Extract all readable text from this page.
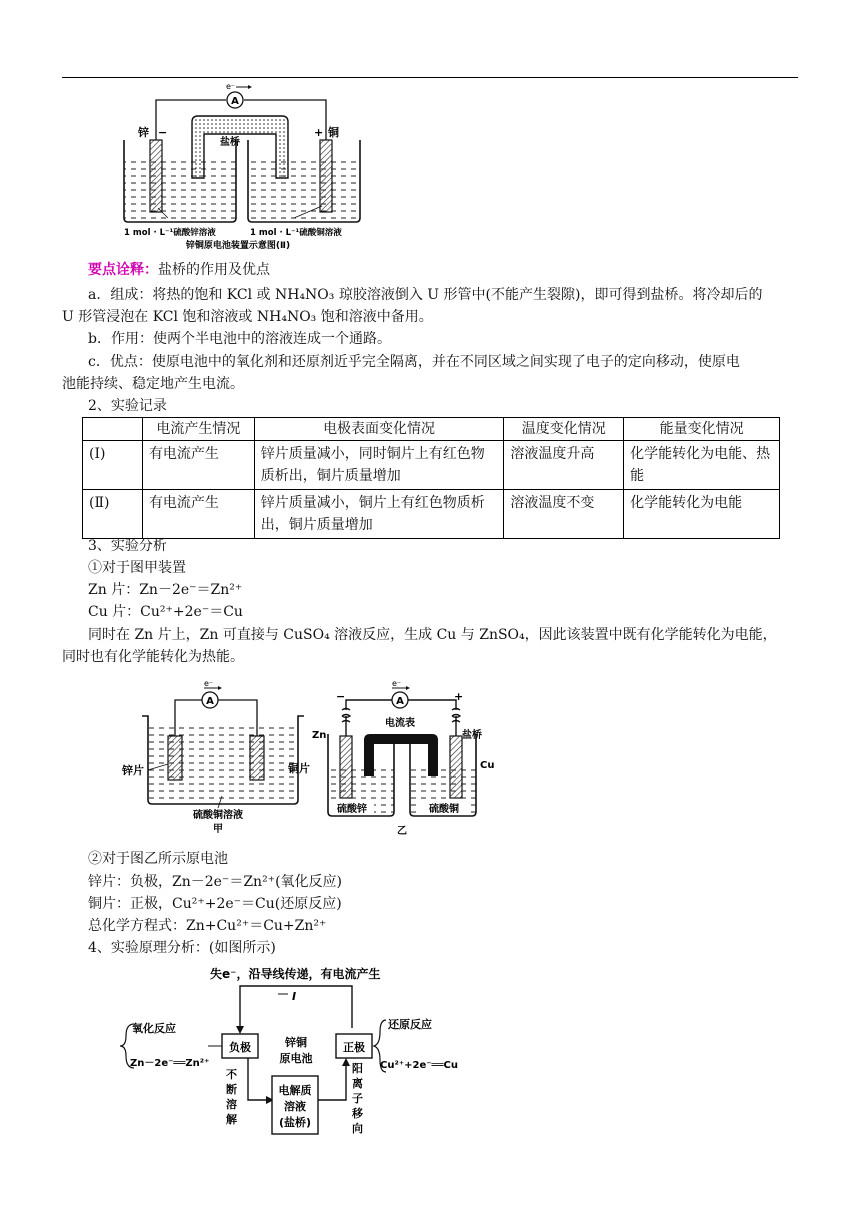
A
e⁻
锌 −	+ 铜
盐桥
1 mol · L⁻¹硫酸锌溶液	1 mol · L⁻¹硫酸铜溶液
锌铜原电池装置示意图(Ⅱ)
要点诠释：盐桥的作用及优点
a．组成：将热的饱和 KCl 或 NH₄NO₃ 琼胶溶液倒入 U 形管中(不能产生裂隙)，即可得到盐桥。将冷却后的
U 形管浸泡在 KCl 饱和溶液或 NH₄NO₃ 饱和溶液中备用。
b．作用：使两个半电池中的溶液连成一个通路。
c．优点：使原电池中的氧化剂和还原剂近乎完全隔离，并在不同区域之间实现了电子的定向移动，使原电
池能持续、稳定地产生电流。
2、实验记录
	电流产生情况	电极表面变化情况	温度变化情况	能量变化情况
(Ⅰ)	有电流产生	锌片质量减小，同时铜片上有红色物质析出，铜片质量增加	溶液温度升高	化学能转化为电能、热能
(Ⅱ)	有电流产生	锌片质量减小，铜片上有红色物质析出，铜片质量增加	溶液温度不变	化学能转化为电能
3、实验分析
①对于图甲装置
Zn 片：Zn－2e⁻＝Zn²⁺
Cu 片：Cu²⁺+2e⁻＝Cu
同时在 Zn 片上，Zn 可直接与 CuSO₄ 溶液反应，生成 Cu 与 ZnSO₄，因此该装置中既有化学能转化为电能，
同时也有化学能转化为热能。
A
e⁻
锌片	铜片
硫酸铜溶液
甲
A
e⁻
电流表
−	+
Zn
Cu
盐桥
硫酸锌	硫酸铜
乙
②对于图乙所示原电池
锌片：负极，Zn－2e⁻＝Zn²⁺(氧化反应)
铜片：正极，Cu²⁺+2e⁻＝Cu(还原反应)
总化学方程式：Zn+Cu²⁺＝Cu+Zn²⁺
4、实验原理分析：(如图所示)
失e⁻，沿导线传递，有电流产生
I
负极	正极
锌铜
原电池
氧化反应
Zn－2e⁻══Zn²⁺
还原反应
Cu²⁺+2e⁻══Cu
电解质
溶液
(盐桥)
不
断
溶
解
阳
离
子
移
向
